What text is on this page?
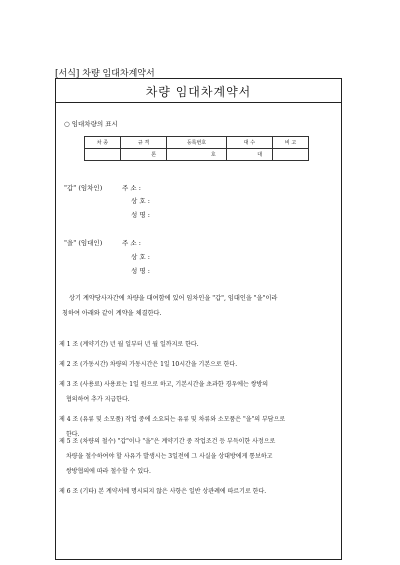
[서식] 차량 임대차계약서
차량 임대차계약서
○ 임대차량의 표시
차 종	규 격	등록번호	대 수	비 고
	톤	호	대	
"갑" (임차인)	주 소 :
상 호 :
성 명 :
"을" (임대인)	주 소 :
상 호 :
성 명 :
상기 계약당사자간에 차량을 대여함에 있어 임차인을 "갑", 임대인을 "을"이라
칭하여 아래와 같이 계약을 체결한다.
제 1 조 (계약기간) 년 월 일부터 년 월 일까지로 한다.
제 2 조 (가동시간) 차량의 가동시간은 1일 10시간을 기본으로 한다.
제 3 조 (사용료) 사용료는 1일 원으로 하고, 기본시간을 초과한 경우에는 쌍방의
협의하여 추가 지급한다.
제 4 조 (유류 및 소모품) 작업 중에 소요되는 유류 및 차류와 소모품은 "을"의 부담으로
한다.
제 5 조 (차량의 철수) "갑"이나 "을"은 계약기간 중 작업조건 등 부득이한 사정으로
차량을 철수하여야 할 사유가 발생시는 3일전에 그 사실을 상대방에게 통보하고
쌍방협의에 따라 철수할 수 있다.
제 6 조 (기타) 본 계약서에 명시되지 않은 사항은 일반 상관례에 따르기로 한다.
